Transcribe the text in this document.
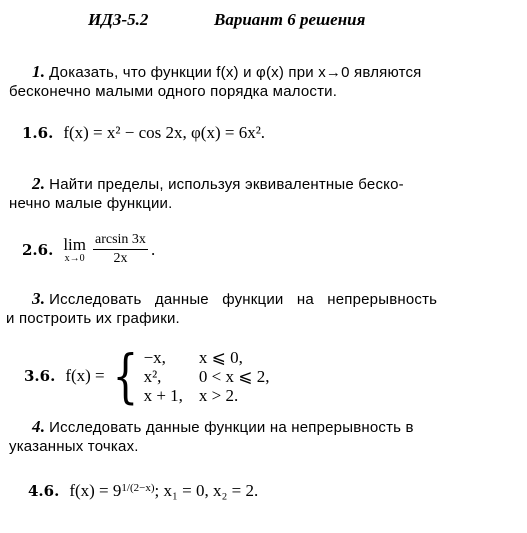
ИДЗ-5.2	Вариант 6 решения
1. Доказать, что функции f(x) и φ(x) при x→0 являются
бесконечно малыми одного порядка малости.
1.6. f(x) = x² − cos 2x, φ(x) = 6x².
2. Найти пределы, используя эквивалентные беско-
нечно малые функции.
2.6. lim
$x\to 0 \frac{\arcsin 3x}{2x}$ .
3. Исследовать данные функции на непрерывность
и построить их графики.
3.6. f(x) = { −x,	x ⩽ 0,
x²,	0 < x ⩽ 2,
x + 1, x > 2.
4. Исследовать данные функции на непрерывность в
указанных точках.
4.6. $f(x) = 9^{1/(2-x)}$ ; x₁ = 0, x₂ = 2.
